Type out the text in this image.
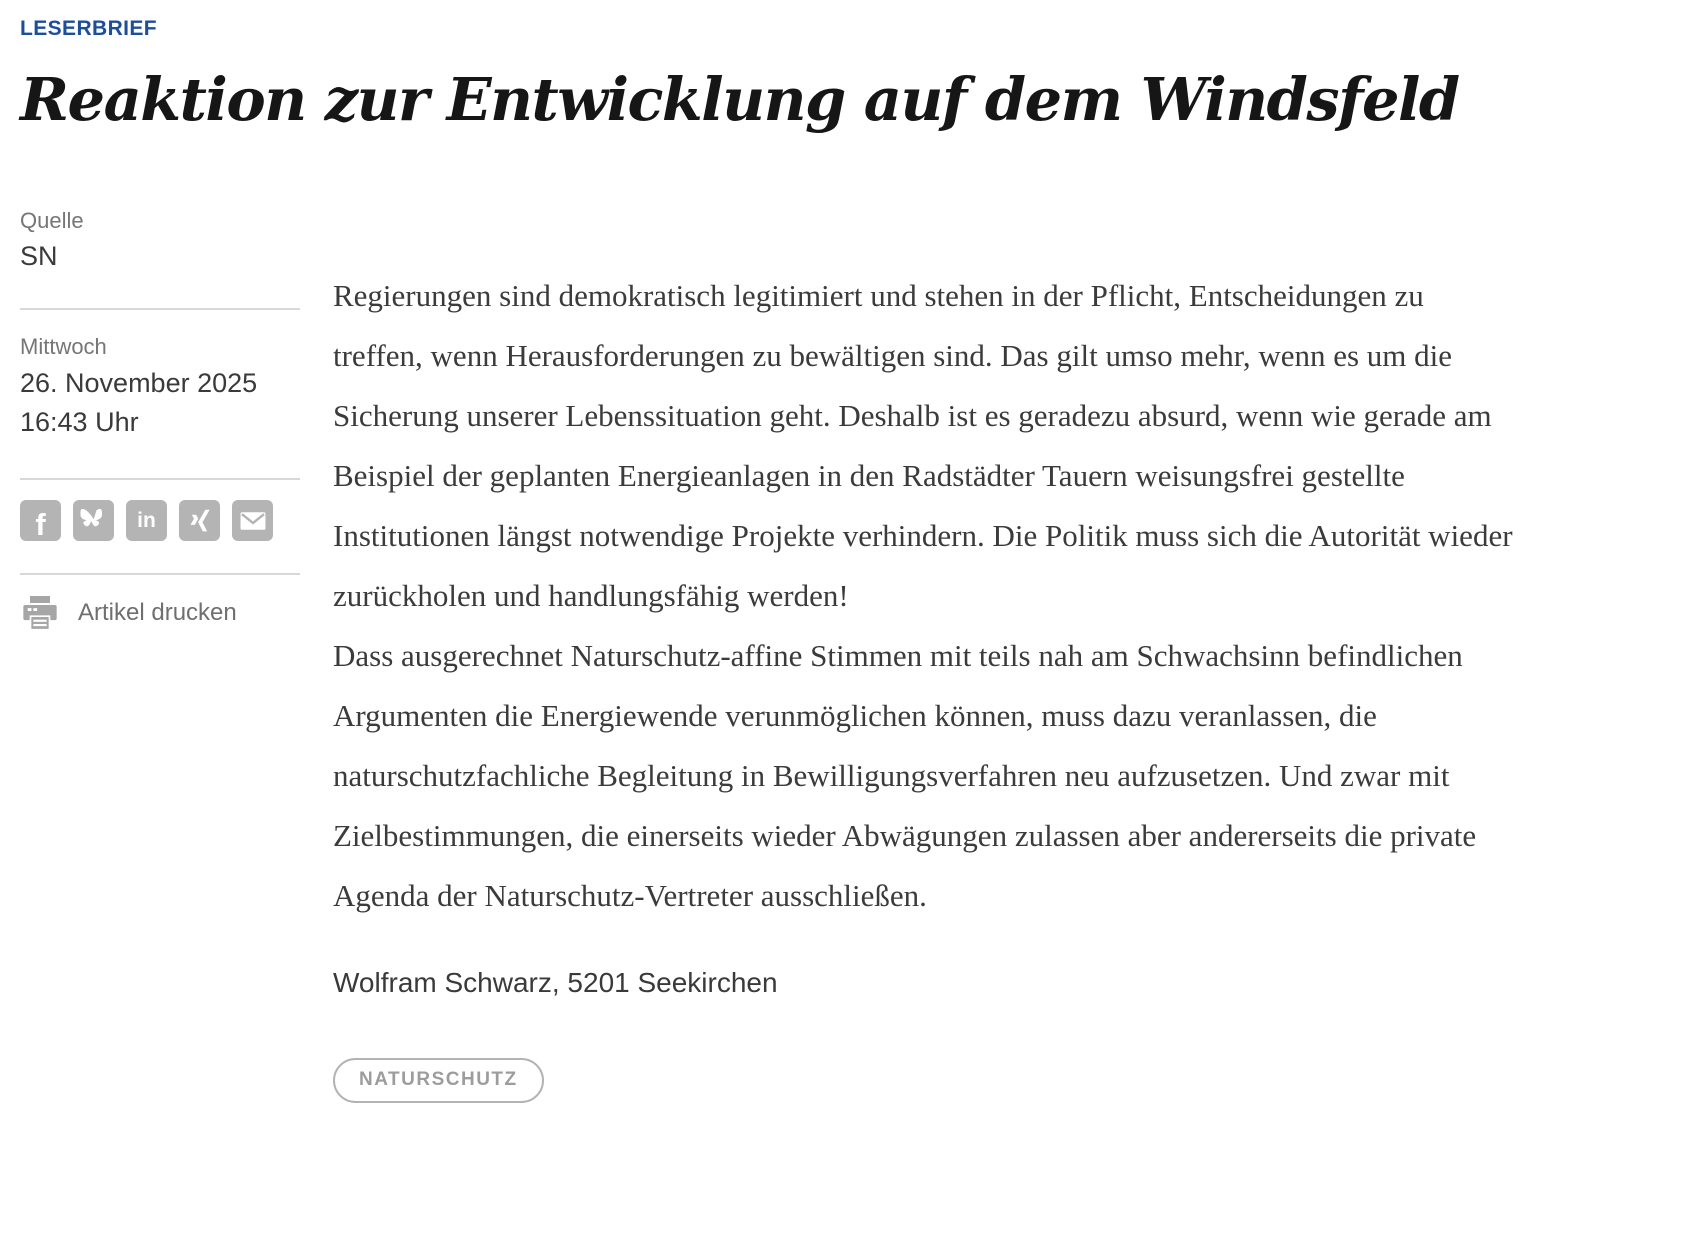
LESERBRIEF
Reaktion zur Entwicklung auf dem Windsfeld
Quelle
SN
Mittwoch
26. November 2025
16:43 Uhr
f	in
Artikel drucken

Regierungen sind demokratisch legitimiert und stehen in der Pflicht, Entscheidungen zu treffen, wenn Herausforderungen zu bewältigen sind. Das gilt umso mehr, wenn es um die Sicherung unserer Lebenssituation geht. Deshalb ist es geradezu absurd, wenn wie gerade am Beispiel der geplanten Energieanlagen in den Radstädter Tauern weisungsfrei gestellte Institutionen längst notwendige Projekte verhindern. Die Politik muss sich die Autorität wieder zurückholen und handlungsfähig werden!

Dass ausgerechnet Naturschutz-affine Stimmen mit teils nah am Schwachsinn befindlichen Argumenten die Energiewende verunmöglichen können, muss dazu veranlassen, die naturschutzfachliche Begleitung in Bewilligungsverfahren neu aufzusetzen. Und zwar mit Zielbestimmungen, die einerseits wieder Abwägungen zulassen aber andererseits die private Agenda der Naturschutz-Vertreter ausschließen.

Wolfram Schwarz, 5201 Seekirchen
NATURSCHUTZ
